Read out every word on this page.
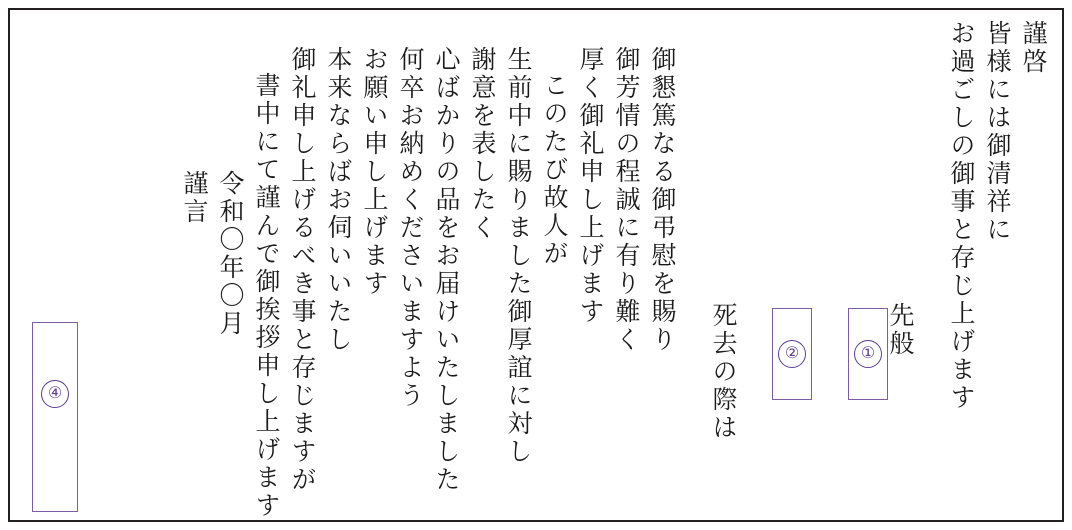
謹啓
皆様には御清祥に
お過ごしの御事と存じ上げます

先般

①

②

死去の際は

御懇篤なる御弔慰を賜り
御芳情の程誠に有り難く
厚く御礼申し上げます
このたび故人が
生前中に賜りました御厚誼に対し
謝意を表したく
心ばかりの品をお届けいたしました
何卒お納めくださいますよう
お願い申し上げます
本来ならばお伺いいたし
御礼申し上げるべき事と存じますが
書中にて謹んで御挨拶申し上げます
令和〇年〇月
謹言
④
